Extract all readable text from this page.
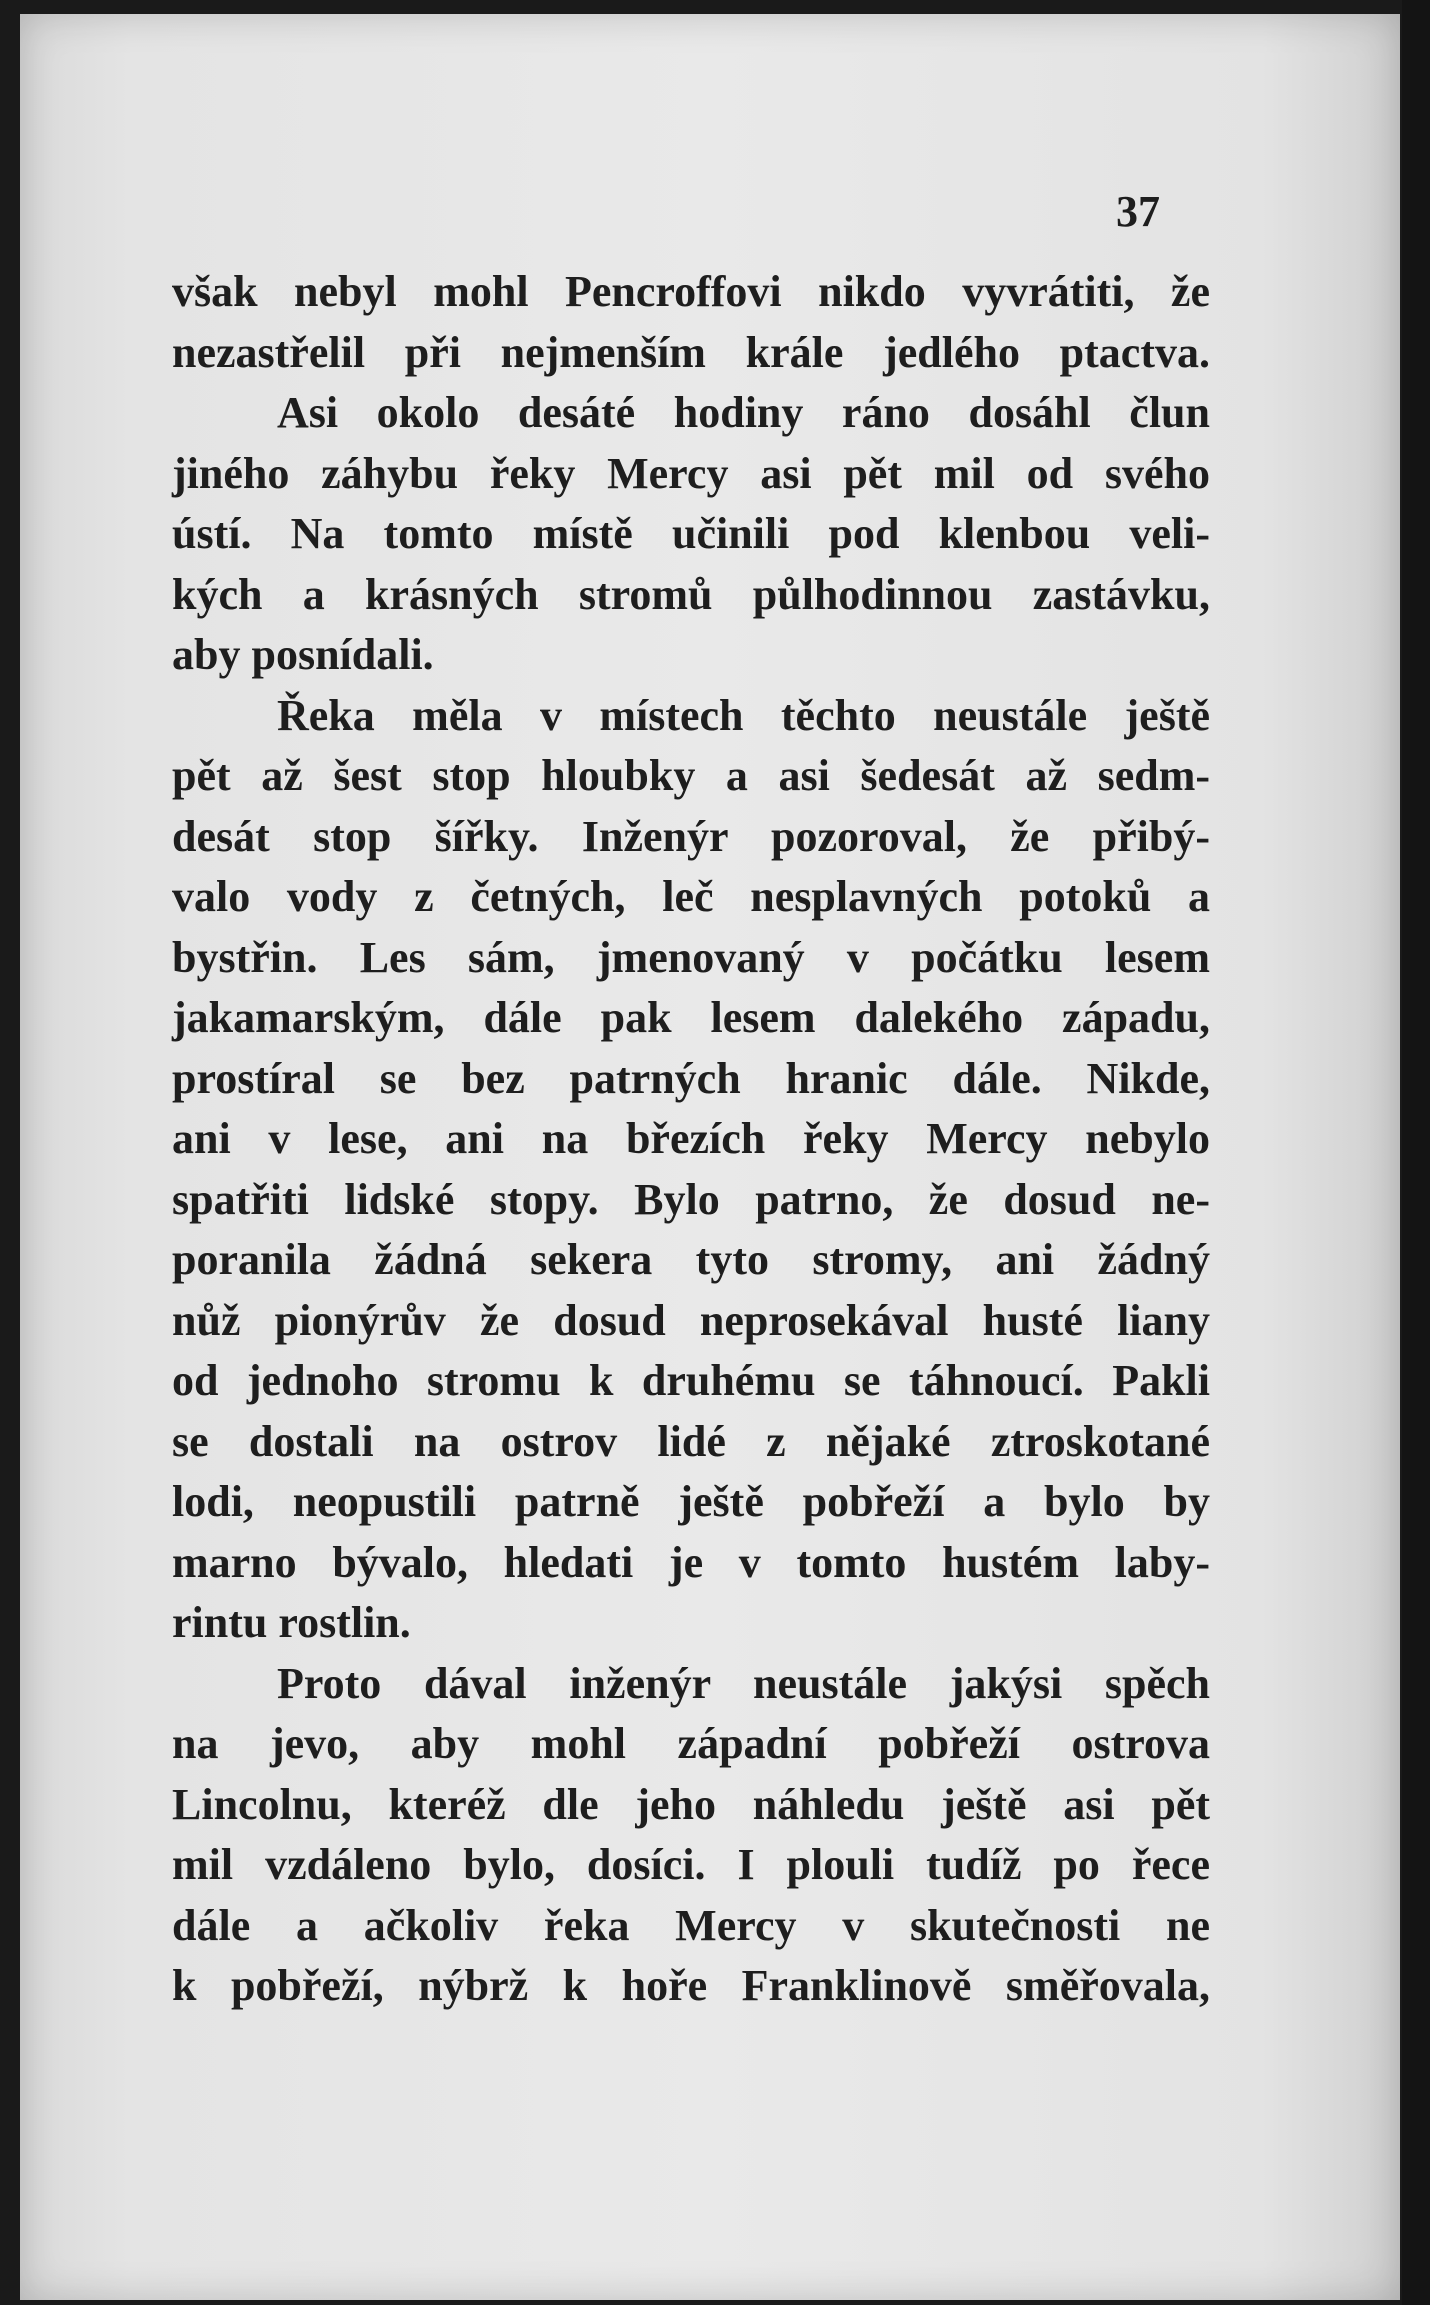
37
však nebyl mohl Pencroffovi nikdo vyvrátiti, že
nezastřelil při nejmenším krále jedlého ptactva.
Asi okolo desáté hodiny ráno dosáhl člun
jiného záhybu řeky Mercy asi pět mil od svého
ústí. Na tomto místě učinili pod klenbou veli-
kých a krásných stromů půlhodinnou zastávku,
aby posnídali.
Řeka měla v místech těchto neustále ještě
pět až šest stop hloubky a asi šedesát až sedm-
desát stop šířky. Inženýr pozoroval, že přibý-
valo vody z četných, leč nesplavných potoků a
bystřin. Les sám, jmenovaný v počátku lesem
jakamarským, dále pak lesem dalekého západu,
prostíral se bez patrných hranic dále. Nikde,
ani v lese, ani na březích řeky Mercy nebylo
spatřiti lidské stopy. Bylo patrno, že dosud ne-
poranila žádná sekera tyto stromy, ani žádný
nůž pionýrův že dosud neprosekával husté liany
od jednoho stromu k druhému se táhnoucí. Pakli
se dostali na ostrov lidé z nějaké ztroskotané
lodi, neopustili patrně ještě pobřeží a bylo by
marno bývalo, hledati je v tomto hustém laby-
rintu rostlin.
Proto dával inženýr neustále jakýsi spěch
na jevo, aby mohl západní pobřeží ostrova
Lincolnu, kteréž dle jeho náhledu ještě asi pět
mil vzdáleno bylo, dosíci. I plouli tudíž po řece
dále a ačkoliv řeka Mercy v skutečnosti ne
k pobřeží, nýbrž k hoře Franklinově směřovala,
